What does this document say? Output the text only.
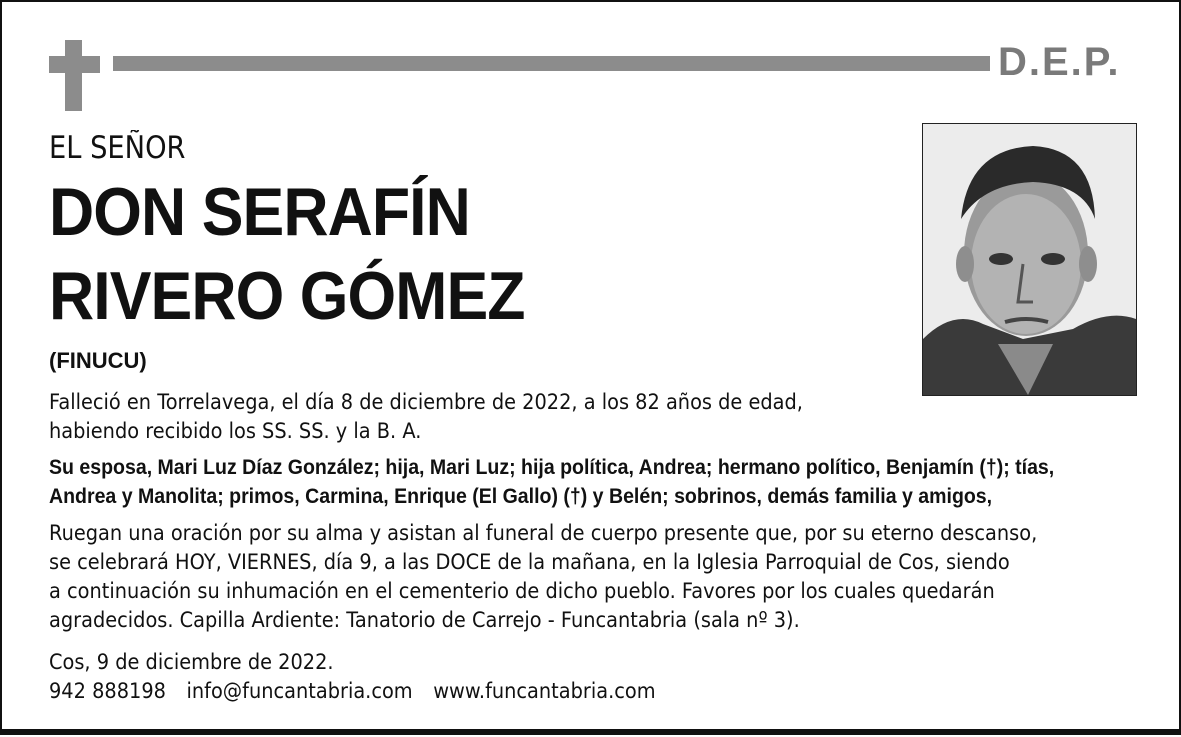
D.E.P.
EL SEÑOR
DON SERAFÍN
RIVERO GÓMEZ
(FINUCU)
Falleció en Torrelavega, el día 8 de diciembre de 2022, a los 82 años de edad,
habiendo recibido los SS. SS. y la B. A.
Su esposa, Mari Luz Díaz González; hija, Mari Luz; hija política, Andrea; hermano político, Benjamín (†); tías,
Andrea y Manolita; primos, Carmina, Enrique (El Gallo) (†) y Belén; sobrinos, demás familia y amigos,
Ruegan una oración por su alma y asistan al funeral de cuerpo presente que, por su eterno descanso,
se celebrará HOY, VIERNES, día 9, a las DOCE de la mañana, en la Iglesia Parroquial de Cos, siendo
a continuación su inhumación en el cementerio de dicho pueblo. Favores por los cuales quedarán
agradecidos. Capilla Ardiente: Tanatorio de Carrejo - Funcantabria (sala nº 3).
Cos, 9 de diciembre de 2022.
942 888198 info@funcantabria.com www.funcantabria.com
